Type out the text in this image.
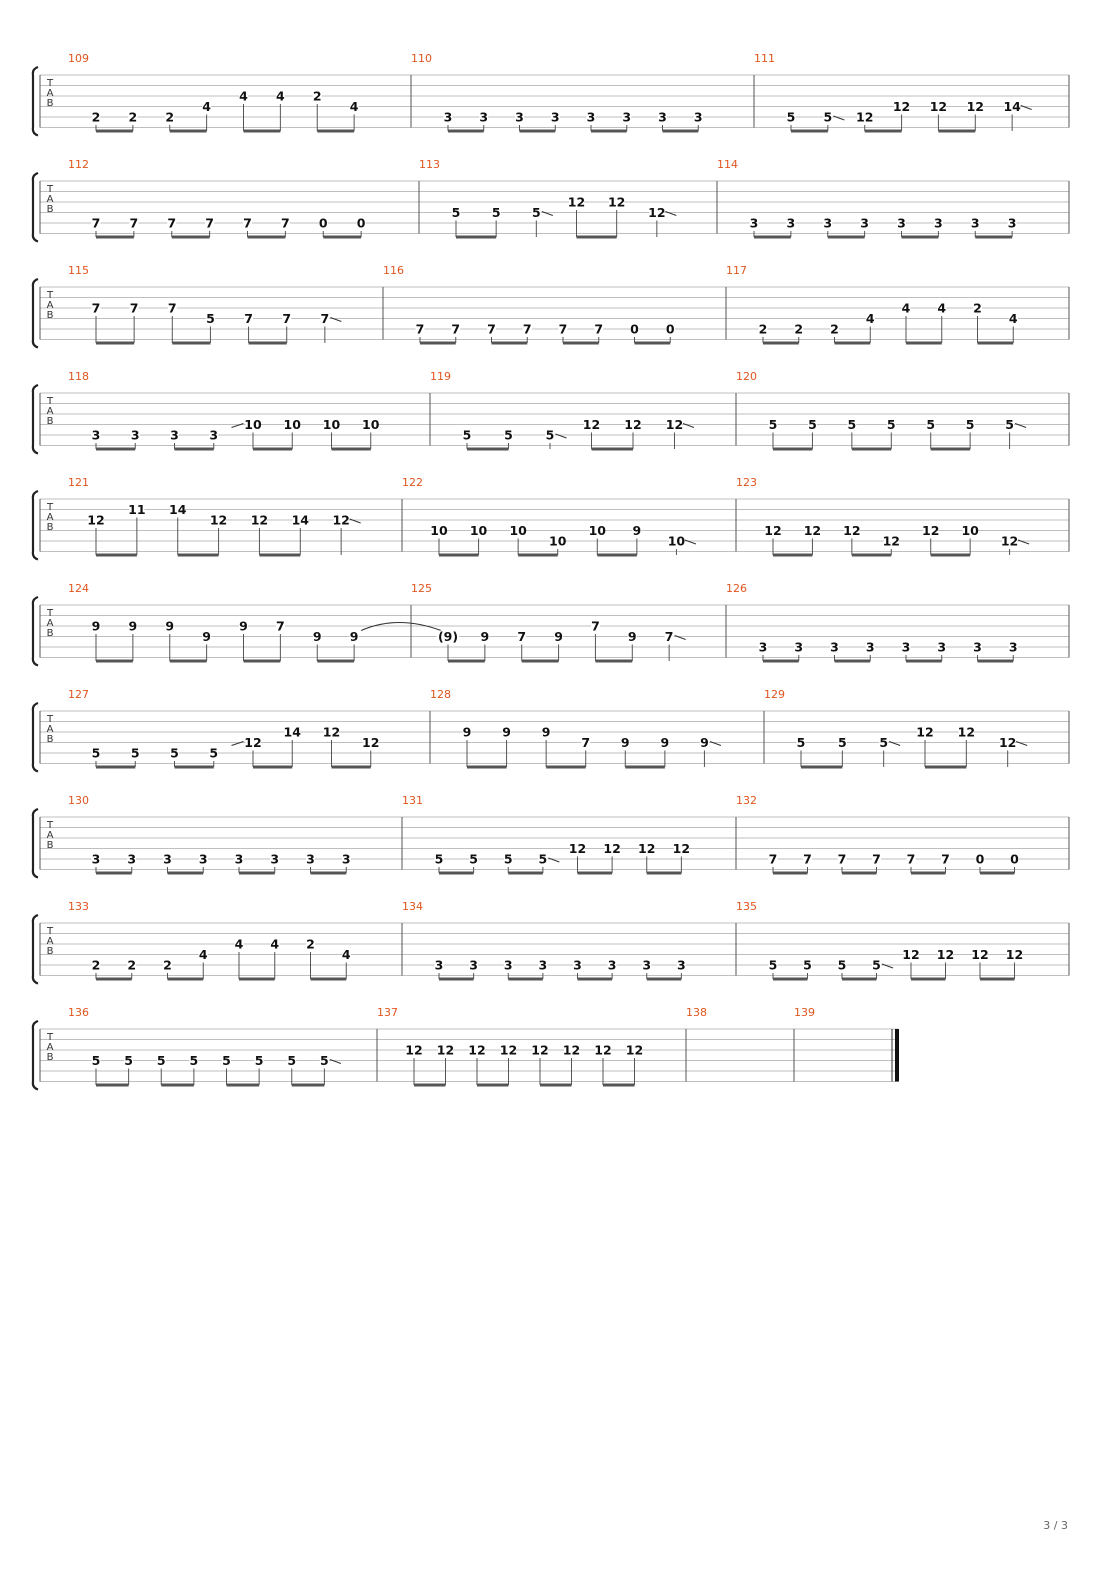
T
A
B
109
2 2 2
4
4 4 2
4
110
3 3 3 3 3 3 3 3
111
5 5 12
12 12 12 14
T
A
B
112
7 7 7 7 7 7 0 0
113
5	5	5
12 12
12
114
3 3 3 3 3 3 3 3
T
A
B
115
7 7 7
5 7 7 7
116
7 7 7 7 7 7 0 0
117
2 2 2
4
4 4 2
4
T
A
B
118
3 3 3 3
10 10 10 10
119
5	5	5
12 12 12
120
5 5 5 5 5 5 5
T
A
B
121
12
11 14
12 12 14 12
122
10 10 10
10
10 9
10
123
12 12 12
12
12 10
12
T
A
B
124
9 9 9
9
9 7
9 9
125
(9) 9 7 9
7
9 7
126
3 3 3 3 3 3 3 3
T
A
B
127
5 5 5 5
12
14 12
12
128
9 9 9
7 9 9 9
129
5	5	5
12 12
12
T
A
B
130
3 3 3 3 3 3 3 3
131
5 5 5 5
12 12 12 12
132
7 7 7 7 7 7 0 0
T
A
B
133
2 2 2
4
4 4 2
4
134
3 3 3 3 3 3 3 3
135
5 5 5 5
12 12 12 12
T
A
B
136
5 5 5 5 5 5 5 5
137
12 12 12 12 12 12 12 12
138	139
3 / 3
